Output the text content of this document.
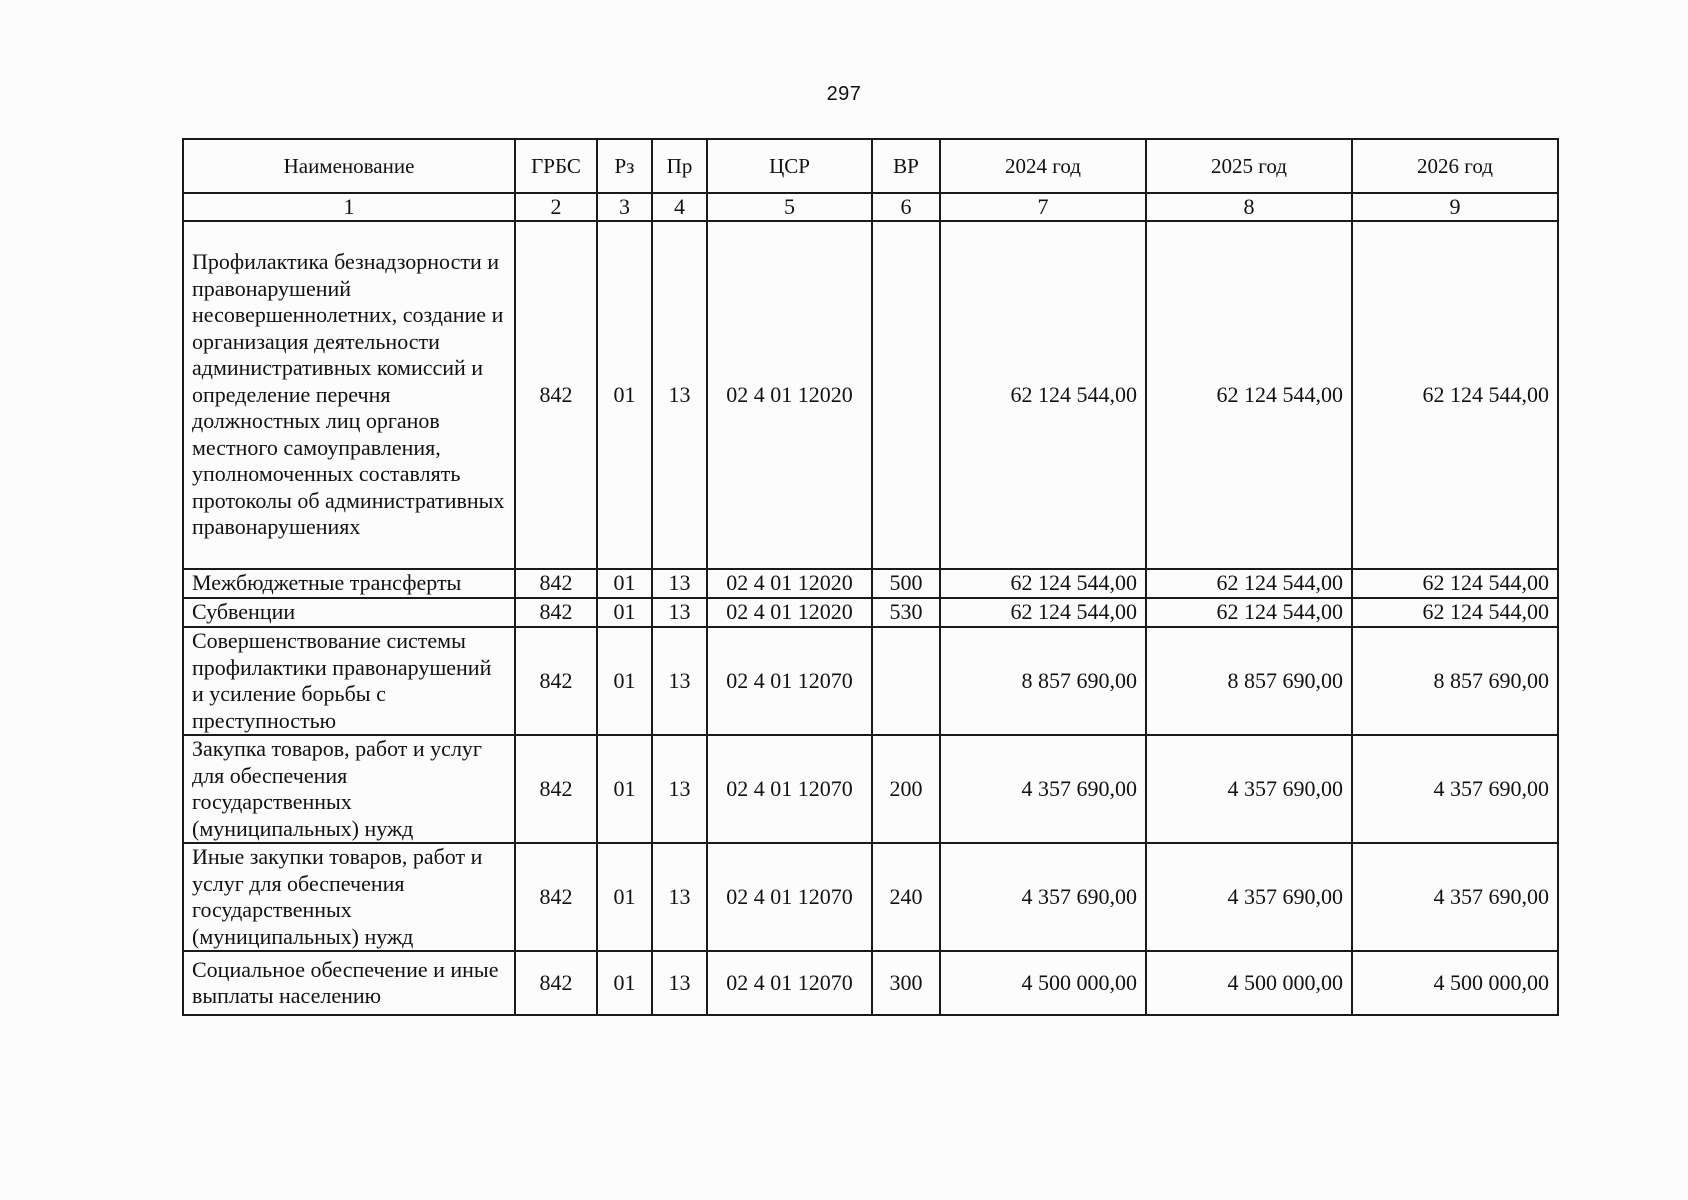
297
Наименование	ГРБС	Рз	Пр	ЦСР	ВР	2024 год	2025 год	2026 год
1	2	3	4	5	6	7	8	9
Профилактика безнадзорности и правонарушений несовершеннолетних, создание и организация деятельности административных комиссий и определение перечня должностных лиц органов местного самоуправления, уполномоченных составлять протоколы об административных правонарушениях	842	01	13	02 4 01 12020		62 124 544,00	62 124 544,00	62 124 544,00
Межбюджетные трансферты	842	01	13	02 4 01 12020	500	62 124 544,00	62 124 544,00	62 124 544,00
Субвенции	842	01	13	02 4 01 12020	530	62 124 544,00	62 124 544,00	62 124 544,00
Совершенствование системы профилактики правонарушений и усиление борьбы с преступностью	842	01	13	02 4 01 12070		8 857 690,00	8 857 690,00	8 857 690,00
Закупка товаров, работ и услуг для обеспечения государственных (муниципальных) нужд	842	01	13	02 4 01 12070	200	4 357 690,00	4 357 690,00	4 357 690,00
Иные закупки товаров, работ и услуг для обеспечения государственных (муниципальных) нужд	842	01	13	02 4 01 12070	240	4 357 690,00	4 357 690,00	4 357 690,00
Социальное обеспечение и иные выплаты населению	842	01	13	02 4 01 12070	300	4 500 000,00	4 500 000,00	4 500 000,00
